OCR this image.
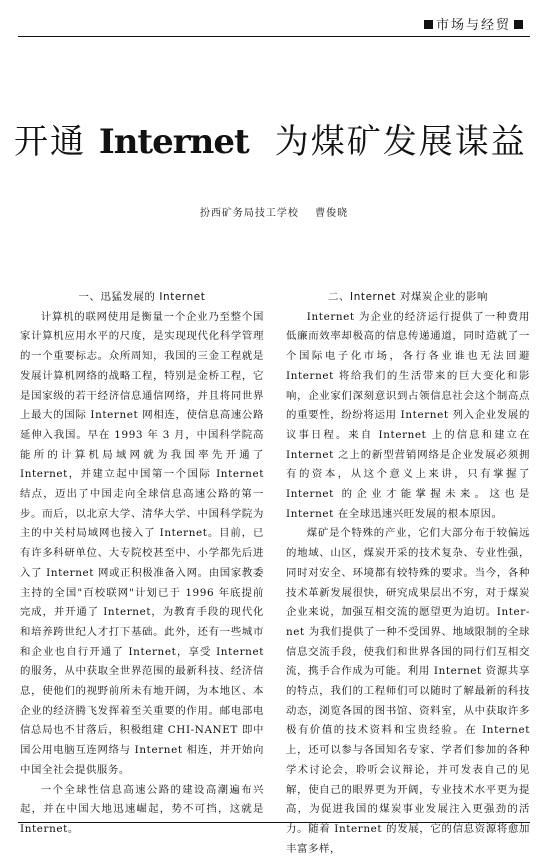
市场与经贸
开通 Internet 为煤矿发展谋益
扮西矿务局技工学校 曹俊晓
一、迅猛发展的 Internet

计算机的联网使用是衡量一个企业乃至整个国家计算机应用水平的尺度，是实现现代化科学管理的一个重要标志。众所周知，我国的三金工程就是发展计算机网络的战略工程，特别是金桥工程，它是国家级的若干经济信息通信网络，并且将同世界上最大的国际 Internet 网相连，使信息高速公路延伸入我国。早在 1993 年 3 月，中国科学院高能所的计算机局域网就为我国率先开通了 Internet，并建立起中国第一个国际 Internet 结点，迈出了中国走向全球信息高速公路的第一步。而后，以北京大学、清华大学、中国科学院为主的中关村局域网也接入了 Internet。目前，已有许多科研单位、大专院校甚至中、小学都先后进入了 Internet 网或正积极准备入网。由国家教委主持的全国"百校联网"计划已于 1996 年底提前完成，并开通了 Internet，为教育手段的现代化和培养跨世纪人才打下基础。此外，还有一些城市和企业也自行开通了 Internet，享受 Internet 的服务，从中获取全世界范围的最新科技、经济信息，使他们的视野前所未有地开阔，为本地区、本企业的经济腾飞发挥着至关重要的作用。邮电部电信总局也不甘落后，积极组建 CHI-NANET 即中国公用电脑互连网络与 Internet 相连，并开始向中国全社会提供服务。

一个全球性信息高速公路的建设高潮遍布兴起，并在中国大地迅速崛起，势不可挡，这就是 Internet。

二、Internet 对煤炭企业的影响

Internet 为企业的经济运行提供了一种费用低廉而效率却极高的信息传递通道，同时造就了一个国际电子化市场，各行各业谁也无法回避 Internet 将给我们的生活带来的巨大变化和影响，企业家们深刻意识到占领信息社会这个制高点的重要性，纷纷将运用 Internet 列入企业发展的议事日程。来自 Internet 上的信息和建立在 Internet 之上的新型营销网络是企业发展必须拥有的资本，从这个意义上来讲，只有掌握了 Internet 的企业才能掌握未来。这也是 Internet 在全球迅速兴旺发展的根本原因。

煤矿是个特殊的产业，它们大部分布于较偏远的地域、山区，煤炭开采的技术复杂、专业性强，同时对安全、环境都有较特殊的要求。当今，各种技术革新发展很快，研究成果层出不穷，对于煤炭企业来说，加强互相交流的愿望更为迫切。Inter-net 为我们提供了一种不受国界、地域限制的全球信息交流手段，使我们和世界各国的同行们互相交流，携手合作成为可能。利用 Internet 资源共享的特点，我们的工程师们可以随时了解最新的科技动态，浏览各国的图书馆、资料室，从中获取许多极有价值的技术资料和宝贵经验。在 Internet 上，还可以参与各国知名专家、学者们参加的各种学术讨论会，聆听会议辩论，并可发表自己的见解，使自己的眼界更为开阔，专业技术水平更为提高，为促进我国的煤炭事业发展注入更强劲的活力。随着 Internet 的发展，它的信息资源将愈加丰富多样，
